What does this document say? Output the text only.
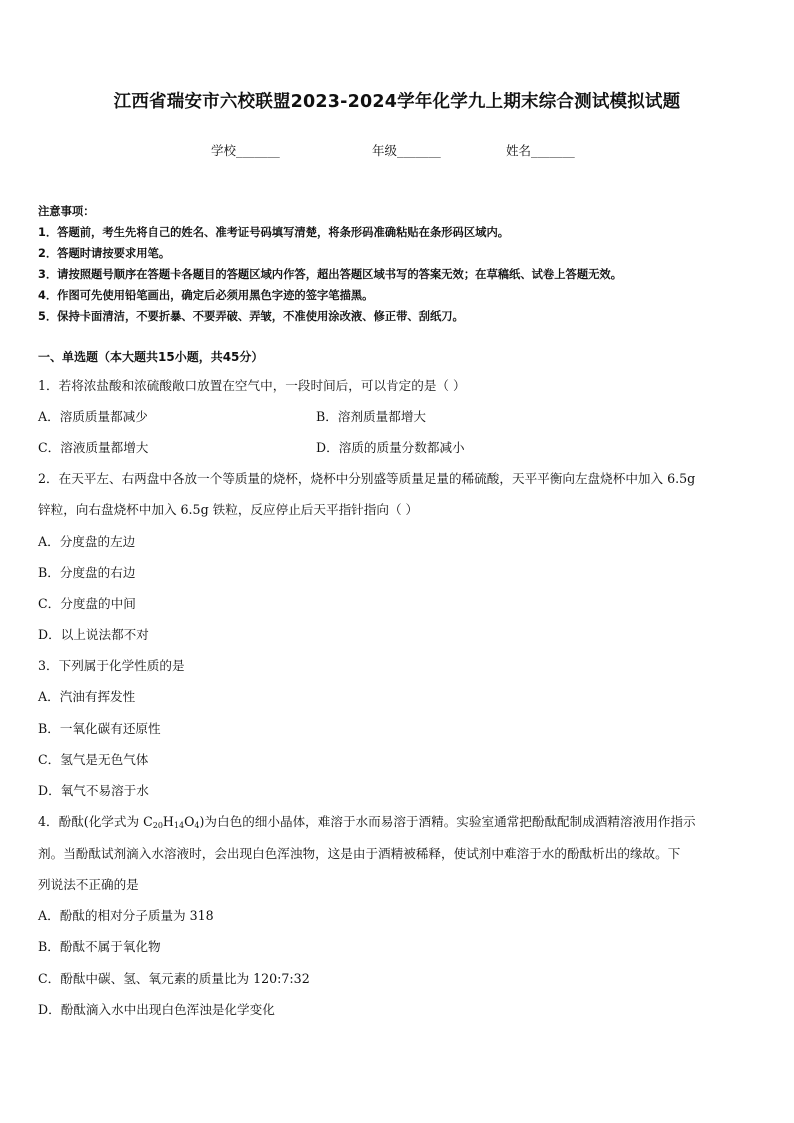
江西省瑞安市六校联盟2023-2024学年化学九上期末综合测试模拟试题
学校_______	年级_______	姓名_______
注意事项：
1．答题前，考生先将自己的姓名、准考证号码填写清楚，将条形码准确粘贴在条形码区域内。
2．答题时请按要求用笔。
3．请按照题号顺序在答题卡各题目的答题区域内作答，超出答题区域书写的答案无效；在草稿纸、试卷上答题无效。
4．作图可先使用铅笔画出，确定后必须用黑色字迹的签字笔描黑。
5．保持卡面清洁，不要折暴、不要弄破、弄皱，不准使用涂改液、修正带、刮纸刀。
一、单选题（本大题共15小题，共45分）
1．若将浓盐酸和浓硫酸敞口放置在空气中，一段时间后，可以肯定的是（ ）
A．溶质质量都减少	B．溶剂质量都增大
C．溶液质量都增大	D．溶质的质量分数都减小
2．在天平左、右两盘中各放一个等质量的烧杯，烧杯中分别盛等质量足量的稀硫酸，天平平衡向左盘烧杯中加入 6.5g
锌粒，向右盘烧杯中加入 6.5g 铁粒，反应停止后天平指针指向（ ）
A．分度盘的左边
B．分度盘的右边
C．分度盘的中间
D．以上说法都不对
3．下列属于化学性质的是
A．汽油有挥发性
B．一氧化碳有还原性
C．氢气是无色气体
D．氧气不易溶于水
4．酚酞(化学式为 $C_{20}H_{14}O_4$)为白色的细小晶体，难溶于水而易溶于酒精。实验室通常把酚酞配制成酒精溶液用作指示
剂。当酚酞试剂滴入水溶液时，会出现白色浑浊物，这是由于酒精被稀释，使试剂中难溶于水的酚酞析出的缘故。下
列说法不正确的是
A．酚酞的相对分子质量为 318
B．酚酞不属于氧化物
C．酚酞中碳、氢、氧元素的质量比为 120:7:32
D．酚酞滴入水中出现白色浑浊是化学变化
